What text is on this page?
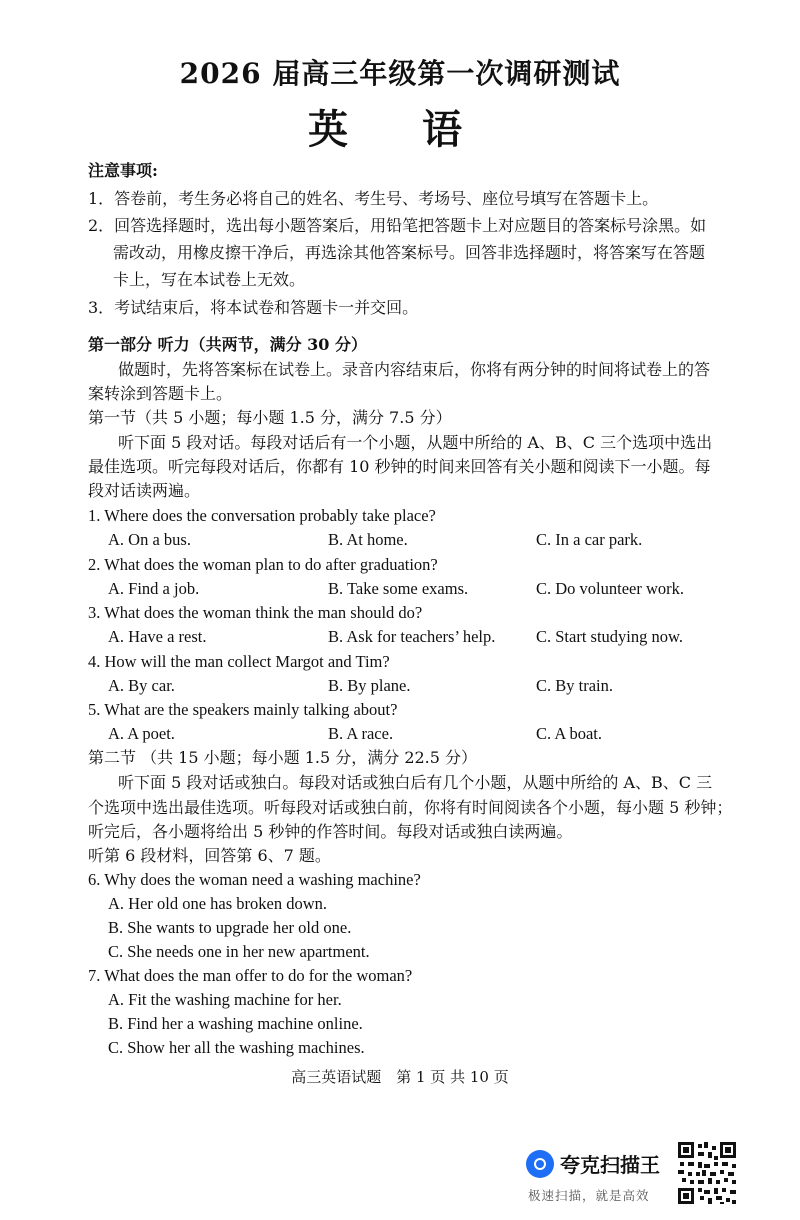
2026 届高三年级第一次调研测试
英 语
注意事项:
1．答卷前，考生务必将自己的姓名、考生号、考场号、座位号填写在答题卡上。
2．回答选择题时，选出每小题答案后，用铅笔把答题卡上对应题目的答案标号涂黑。如
需改动，用橡皮擦干净后，再选涂其他答案标号。回答非选择题时，将答案写在答题
卡上，写在本试卷上无效。
3．考试结束后，将本试卷和答题卡一并交回。
第一部分 听力（共两节，满分 30 分）
做题时，先将答案标在试卷上。录音内容结束后，你将有两分钟的时间将试卷上的答
案转涂到答题卡上。
第一节（共 5 小题；每小题 1.5 分，满分 7.5 分）
听下面 5 段对话。每段对话后有一个小题，从题中所给的 A、B、C 三个选项中选出
最佳选项。听完每段对话后，你都有 10 秒钟的时间来回答有关小题和阅读下一小题。每
段对话读两遍。
1. Where does the conversation probably take place?
A. On a bus.	B. At home.	C. In a car park.
2. What does the woman plan to do after graduation?
A. Find a job.	B. Take some exams.	C. Do volunteer work.
3. What does the woman think the man should do?
A. Have a rest.	B. Ask for teachers’ help. C. Start studying now.
4. How will the man collect Margot and Tim?
A. By car.	B. By plane.	C. By train.
5. What are the speakers mainly talking about?
A. A poet.	B. A race.	C. A boat.
第二节 （共 15 小题；每小题 1.5 分，满分 22.5 分）
听下面 5 段对话或独白。每段对话或独白后有几个小题，从题中所给的 A、B、C 三
个选项中选出最佳选项。听每段对话或独白前，你将有时间阅读各个小题，每小题 5 秒钟；
听完后，各小题将给出 5 秒钟的作答时间。每段对话或独白读两遍。
听第 6 段材料，回答第 6、7 题。
6. Why does the woman need a washing machine?
A. Her old one has broken down.
B. She wants to upgrade her old one.
C. She needs one in her new apartment.
7. What does the man offer to do for the woman?
A. Fit the washing machine for her.
B. Find her a washing machine online.
C. Show her all the washing machines.
高三英语试题　第 1 页 共 10 页
夸克扫描王
极速扫描，就是高效
